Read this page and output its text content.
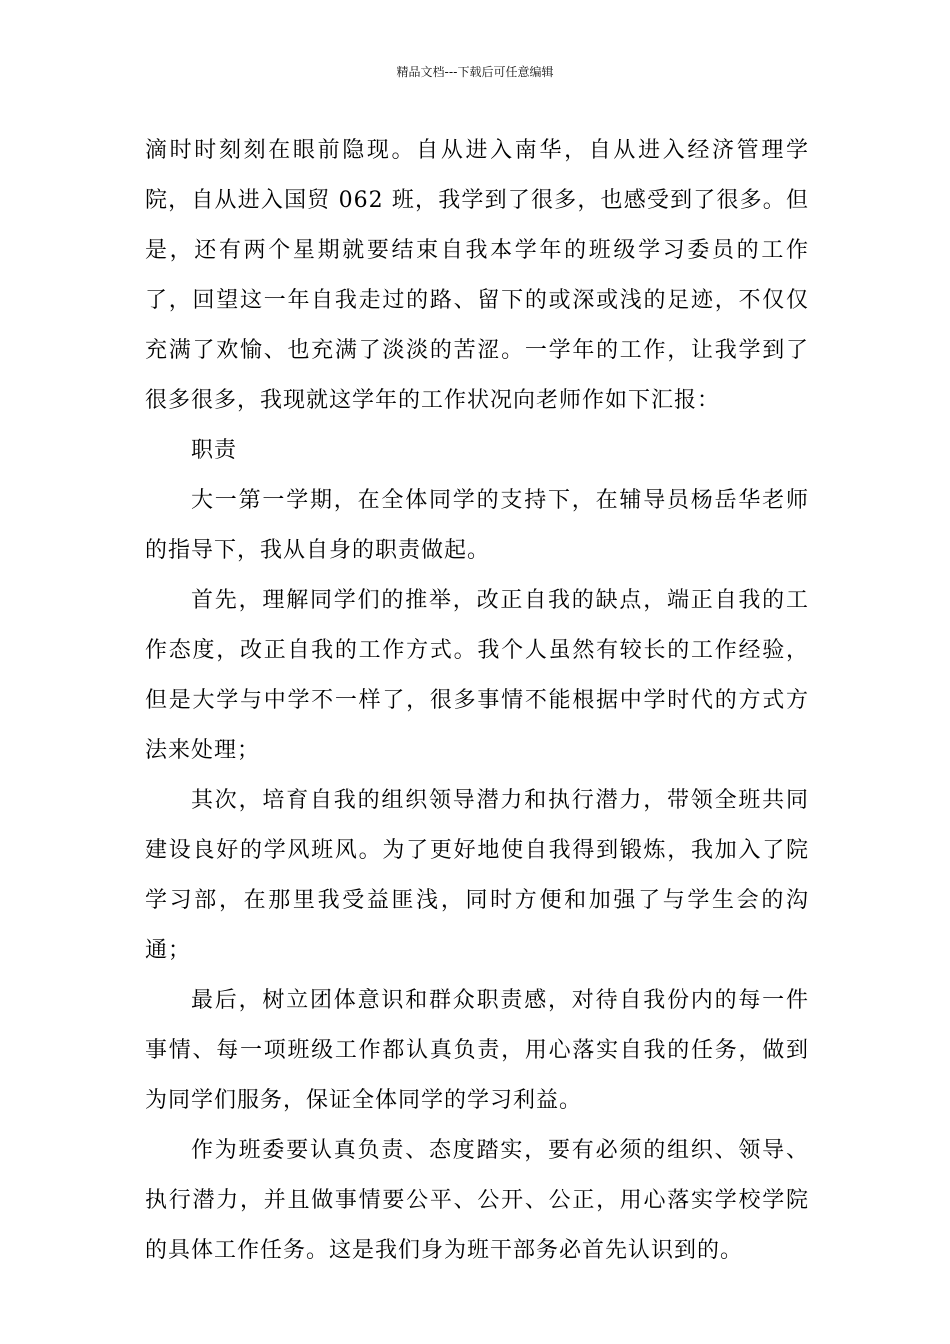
精品文档---下载后可任意编辑

滴时时刻刻在眼前隐现。自从进入南华，自从进入经济管理学院，自从进入国贸 062 班，我学到了很多，也感受到了很多。但是，还有两个星期就要结束自我本学年的班级学习委员的工作了，回望这一年自我走过的路、留下的或深或浅的足迹，不仅仅充满了欢愉、也充满了淡淡的苦涩。一学年的工作，让我学到了很多很多，我现就这学年的工作状况向老师作如下汇报：

职责

大一第一学期，在全体同学的支持下，在辅导员杨岳华老师的指导下，我从自身的职责做起。

首先，理解同学们的推举，改正自我的缺点，端正自我的工作态度，改正自我的工作方式。我个人虽然有较长的工作经验，但是大学与中学不一样了，很多事情不能根据中学时代的方式方法来处理；

其次，培育自我的组织领导潜力和执行潜力，带领全班共同建设良好的学风班风。为了更好地使自我得到锻炼，我加入了院学习部，在那里我受益匪浅，同时方便和加强了与学生会的沟通；

最后，树立团体意识和群众职责感，对待自我份内的每一件事情、每一项班级工作都认真负责，用心落实自我的任务，做到为同学们服务，保证全体同学的学习利益。

作为班委要认真负责、态度踏实，要有必须的组织、领导、执行潜力，并且做事情要公平、公开、公正，用心落实学校学院的具体工作任务。这是我们身为班干部务必首先认识到的。
